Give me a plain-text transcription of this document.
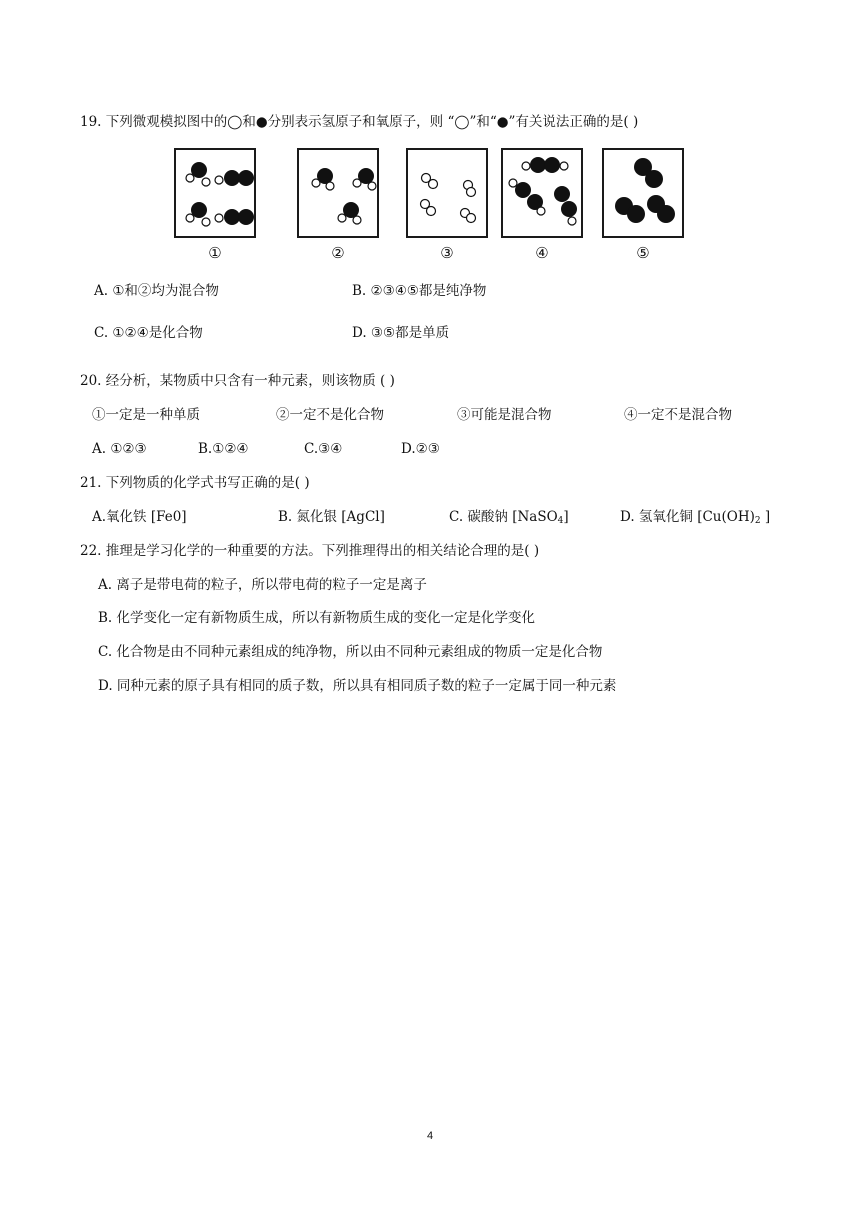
19. 下列微观模拟图中的◯和●分别表示氢原子和氧原子，则 “◯”和“●”有关说法正确的是( )
①	②	③	④	⑤
A. ①和②均为混合物	B. ②③④⑤都是纯净物
C. ①②④是化合物	D. ③⑤都是单质
20. 经分析，某物质中只含有一种元素，则该物质 ( )
①一定是一种单质	②一定不是化合物	③可能是混合物	④一定不是混合物
A. ①②③	B.①②④	C.③④	D.②③
21. 下列物质的化学式书写正确的是( )
A.氧化铁 [Fe0]	B. 氮化银 [AgCl]	C. 碳酸钠 [NaSO$_4$]	D. 氢氧化铜 [$Cu(OH)_2$ ]
22. 推理是学习化学的一种重要的方法。下列推理得出的相关结论合理的是( )
A. 离子是带电荷的粒子，所以带电荷的粒子一定是离子
B. 化学变化一定有新物质生成，所以有新物质生成的变化一定是化学变化
C. 化合物是由不同种元素组成的纯净物，所以由不同种元素组成的物质一定是化合物
D. 同种元素的原子具有相同的质子数，所以具有相同质子数的粒子一定属于同一种元素
4
